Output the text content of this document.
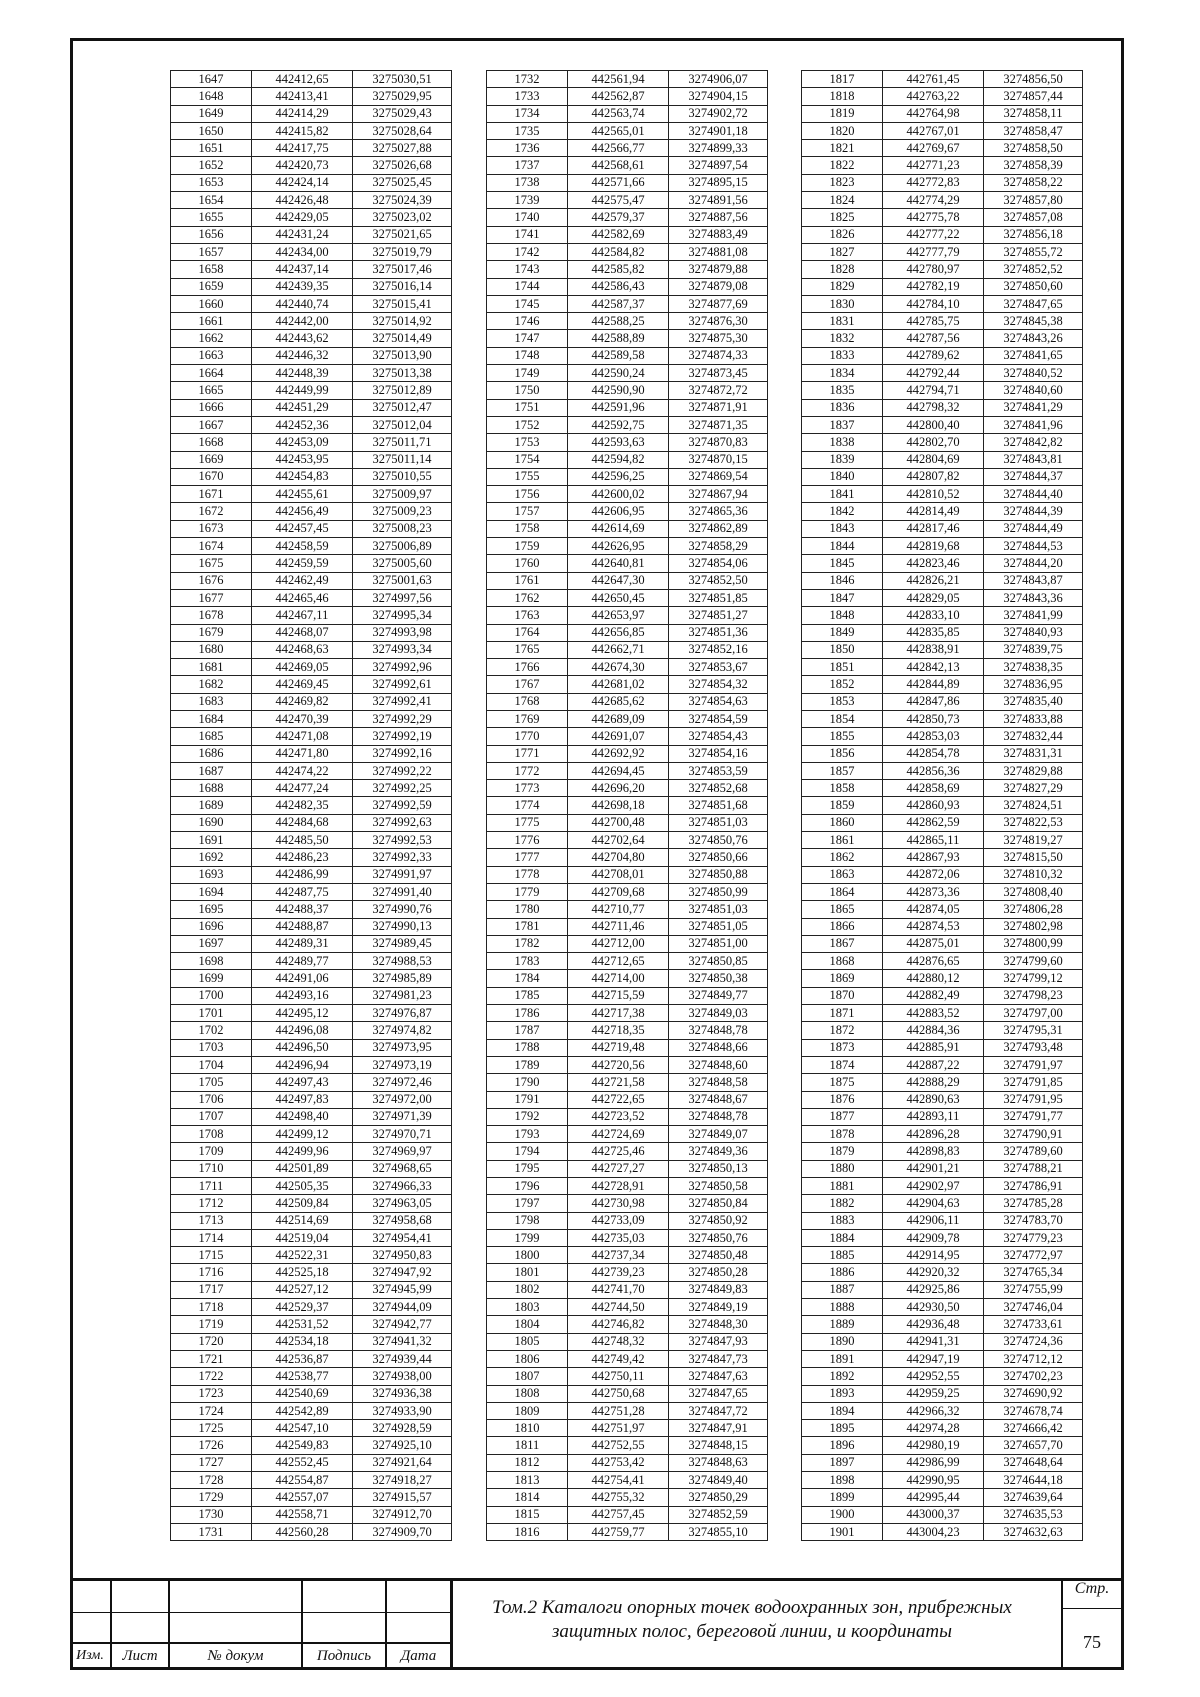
1647	442412,65	3275030,51
1648	442413,41	3275029,95
1649	442414,29	3275029,43
1650	442415,82	3275028,64
1651	442417,75	3275027,88
1652	442420,73	3275026,68
1653	442424,14	3275025,45
1654	442426,48	3275024,39
1655	442429,05	3275023,02
1656	442431,24	3275021,65
1657	442434,00	3275019,79
1658	442437,14	3275017,46
1659	442439,35	3275016,14
1660	442440,74	3275015,41
1661	442442,00	3275014,92
1662	442443,62	3275014,49
1663	442446,32	3275013,90
1664	442448,39	3275013,38
1665	442449,99	3275012,89
1666	442451,29	3275012,47
1667	442452,36	3275012,04
1668	442453,09	3275011,71
1669	442453,95	3275011,14
1670	442454,83	3275010,55
1671	442455,61	3275009,97
1672	442456,49	3275009,23
1673	442457,45	3275008,23
1674	442458,59	3275006,89
1675	442459,59	3275005,60
1676	442462,49	3275001,63
1677	442465,46	3274997,56
1678	442467,11	3274995,34
1679	442468,07	3274993,98
1680	442468,63	3274993,34
1681	442469,05	3274992,96
1682	442469,45	3274992,61
1683	442469,82	3274992,41
1684	442470,39	3274992,29
1685	442471,08	3274992,19
1686	442471,80	3274992,16
1687	442474,22	3274992,22
1688	442477,24	3274992,25
1689	442482,35	3274992,59
1690	442484,68	3274992,63
1691	442485,50	3274992,53
1692	442486,23	3274992,33
1693	442486,99	3274991,97
1694	442487,75	3274991,40
1695	442488,37	3274990,76
1696	442488,87	3274990,13
1697	442489,31	3274989,45
1698	442489,77	3274988,53
1699	442491,06	3274985,89
1700	442493,16	3274981,23
1701	442495,12	3274976,87
1702	442496,08	3274974,82
1703	442496,50	3274973,95
1704	442496,94	3274973,19
1705	442497,43	3274972,46
1706	442497,83	3274972,00
1707	442498,40	3274971,39
1708	442499,12	3274970,71
1709	442499,96	3274969,97
1710	442501,89	3274968,65
1711	442505,35	3274966,33
1712	442509,84	3274963,05
1713	442514,69	3274958,68
1714	442519,04	3274954,41
1715	442522,31	3274950,83
1716	442525,18	3274947,92
1717	442527,12	3274945,99
1718	442529,37	3274944,09
1719	442531,52	3274942,77
1720	442534,18	3274941,32
1721	442536,87	3274939,44
1722	442538,77	3274938,00
1723	442540,69	3274936,38
1724	442542,89	3274933,90
1725	442547,10	3274928,59
1726	442549,83	3274925,10
1727	442552,45	3274921,64
1728	442554,87	3274918,27
1729	442557,07	3274915,57
1730	442558,71	3274912,70
1731	442560,28	3274909,70
1732	442561,94	3274906,07
1733	442562,87	3274904,15
1734	442563,74	3274902,72
1735	442565,01	3274901,18
1736	442566,77	3274899,33
1737	442568,61	3274897,54
1738	442571,66	3274895,15
1739	442575,47	3274891,56
1740	442579,37	3274887,56
1741	442582,69	3274883,49
1742	442584,82	3274881,08
1743	442585,82	3274879,88
1744	442586,43	3274879,08
1745	442587,37	3274877,69
1746	442588,25	3274876,30
1747	442588,89	3274875,30
1748	442589,58	3274874,33
1749	442590,24	3274873,45
1750	442590,90	3274872,72
1751	442591,96	3274871,91
1752	442592,75	3274871,35
1753	442593,63	3274870,83
1754	442594,82	3274870,15
1755	442596,25	3274869,54
1756	442600,02	3274867,94
1757	442606,95	3274865,36
1758	442614,69	3274862,89
1759	442626,95	3274858,29
1760	442640,81	3274854,06
1761	442647,30	3274852,50
1762	442650,45	3274851,85
1763	442653,97	3274851,27
1764	442656,85	3274851,36
1765	442662,71	3274852,16
1766	442674,30	3274853,67
1767	442681,02	3274854,32
1768	442685,62	3274854,63
1769	442689,09	3274854,59
1770	442691,07	3274854,43
1771	442692,92	3274854,16
1772	442694,45	3274853,59
1773	442696,20	3274852,68
1774	442698,18	3274851,68
1775	442700,48	3274851,03
1776	442702,64	3274850,76
1777	442704,80	3274850,66
1778	442708,01	3274850,88
1779	442709,68	3274850,99
1780	442710,77	3274851,03
1781	442711,46	3274851,05
1782	442712,00	3274851,00
1783	442712,65	3274850,85
1784	442714,00	3274850,38
1785	442715,59	3274849,77
1786	442717,38	3274849,03
1787	442718,35	3274848,78
1788	442719,48	3274848,66
1789	442720,56	3274848,60
1790	442721,58	3274848,58
1791	442722,65	3274848,67
1792	442723,52	3274848,78
1793	442724,69	3274849,07
1794	442725,46	3274849,36
1795	442727,27	3274850,13
1796	442728,91	3274850,58
1797	442730,98	3274850,84
1798	442733,09	3274850,92
1799	442735,03	3274850,76
1800	442737,34	3274850,48
1801	442739,23	3274850,28
1802	442741,70	3274849,83
1803	442744,50	3274849,19
1804	442746,82	3274848,30
1805	442748,32	3274847,93
1806	442749,42	3274847,73
1807	442750,11	3274847,63
1808	442750,68	3274847,65
1809	442751,28	3274847,72
1810	442751,97	3274847,91
1811	442752,55	3274848,15
1812	442753,42	3274848,63
1813	442754,41	3274849,40
1814	442755,32	3274850,29
1815	442757,45	3274852,59
1816	442759,77	3274855,10
1817	442761,45	3274856,50
1818	442763,22	3274857,44
1819	442764,98	3274858,11
1820	442767,01	3274858,47
1821	442769,67	3274858,50
1822	442771,23	3274858,39
1823	442772,83	3274858,22
1824	442774,29	3274857,80
1825	442775,78	3274857,08
1826	442777,22	3274856,18
1827	442777,79	3274855,72
1828	442780,97	3274852,52
1829	442782,19	3274850,60
1830	442784,10	3274847,65
1831	442785,75	3274845,38
1832	442787,56	3274843,26
1833	442789,62	3274841,65
1834	442792,44	3274840,52
1835	442794,71	3274840,60
1836	442798,32	3274841,29
1837	442800,40	3274841,96
1838	442802,70	3274842,82
1839	442804,69	3274843,81
1840	442807,82	3274844,37
1841	442810,52	3274844,40
1842	442814,49	3274844,39
1843	442817,46	3274844,49
1844	442819,68	3274844,53
1845	442823,46	3274844,20
1846	442826,21	3274843,87
1847	442829,05	3274843,36
1848	442833,10	3274841,99
1849	442835,85	3274840,93
1850	442838,91	3274839,75
1851	442842,13	3274838,35
1852	442844,89	3274836,95
1853	442847,86	3274835,40
1854	442850,73	3274833,88
1855	442853,03	3274832,44
1856	442854,78	3274831,31
1857	442856,36	3274829,88
1858	442858,69	3274827,29
1859	442860,93	3274824,51
1860	442862,59	3274822,53
1861	442865,11	3274819,27
1862	442867,93	3274815,50
1863	442872,06	3274810,32
1864	442873,36	3274808,40
1865	442874,05	3274806,28
1866	442874,53	3274802,98
1867	442875,01	3274800,99
1868	442876,65	3274799,60
1869	442880,12	3274799,12
1870	442882,49	3274798,23
1871	442883,52	3274797,00
1872	442884,36	3274795,31
1873	442885,91	3274793,48
1874	442887,22	3274791,97
1875	442888,29	3274791,85
1876	442890,63	3274791,95
1877	442893,11	3274791,77
1878	442896,28	3274790,91
1879	442898,83	3274789,60
1880	442901,21	3274788,21
1881	442902,97	3274786,91
1882	442904,63	3274785,28
1883	442906,11	3274783,70
1884	442909,78	3274779,23
1885	442914,95	3274772,97
1886	442920,32	3274765,34
1887	442925,86	3274755,99
1888	442930,50	3274746,04
1889	442936,48	3274733,61
1890	442941,31	3274724,36
1891	442947,19	3274712,12
1892	442952,55	3274702,23
1893	442959,25	3274690,92
1894	442966,32	3274678,74
1895	442974,28	3274666,42
1896	442980,19	3274657,70
1897	442986,99	3274648,64
1898	442990,95	3274644,18
1899	442995,44	3274639,64
1900	443000,37	3274635,53
1901	443004,23	3274632,63
Изм.	Лист	№ докум	Подпись	Дата
Том.2 Каталоги опорных точек водоохранных зон, прибрежных защитных полос, береговой линии, и координаты
Стр.
75
